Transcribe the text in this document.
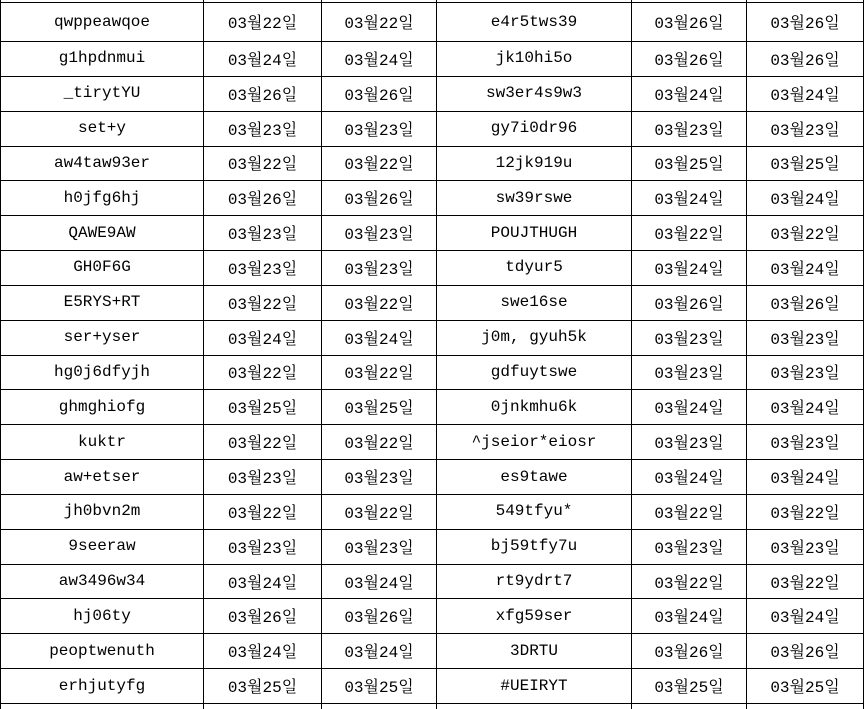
qwppeawqoe	03월22일	03월22일	e4r5tws39	03월26일	03월26일
g1hpdnmui	03월24일	03월24일	jk10hi5o	03월26일	03월26일
_tirytYU	03월26일	03월26일	sw3er4s9w3	03월24일	03월24일
set+y	03월23일	03월23일	gy7i0dr96	03월23일	03월23일
aw4taw93er	03월22일	03월22일	12jk919u	03월25일	03월25일
h0jfg6hj	03월26일	03월26일	sw39rswe	03월24일	03월24일
QAWE9AW	03월23일	03월23일	POUJTHUGH	03월22일	03월22일
GH0F6G	03월23일	03월23일	tdyur5	03월24일	03월24일
E5RYS+RT	03월22일	03월22일	swe16se	03월26일	03월26일
ser+yser	03월24일	03월24일	j0m, gyuh5k	03월23일	03월23일
hg0j6dfyjh	03월22일	03월22일	gdfuytswe	03월23일	03월23일
ghmghiofg	03월25일	03월25일	0jnkmhu6k	03월24일	03월24일
kuktr	03월22일	03월22일	^jseior*eiosr	03월23일	03월23일
aw+etser	03월23일	03월23일	es9tawe	03월24일	03월24일
jh0bvn2m	03월22일	03월22일	549tfyu*	03월22일	03월22일
9seeraw	03월23일	03월23일	bj59tfy7u	03월23일	03월23일
aw3496w34	03월24일	03월24일	rt9ydrt7	03월22일	03월22일
hj06ty	03월26일	03월26일	xfg59ser	03월24일	03월24일
peoptwenuth	03월24일	03월24일	3DRTU	03월26일	03월26일
erhjutyfg	03월25일	03월25일	#UEIRYT	03월25일	03월25일
